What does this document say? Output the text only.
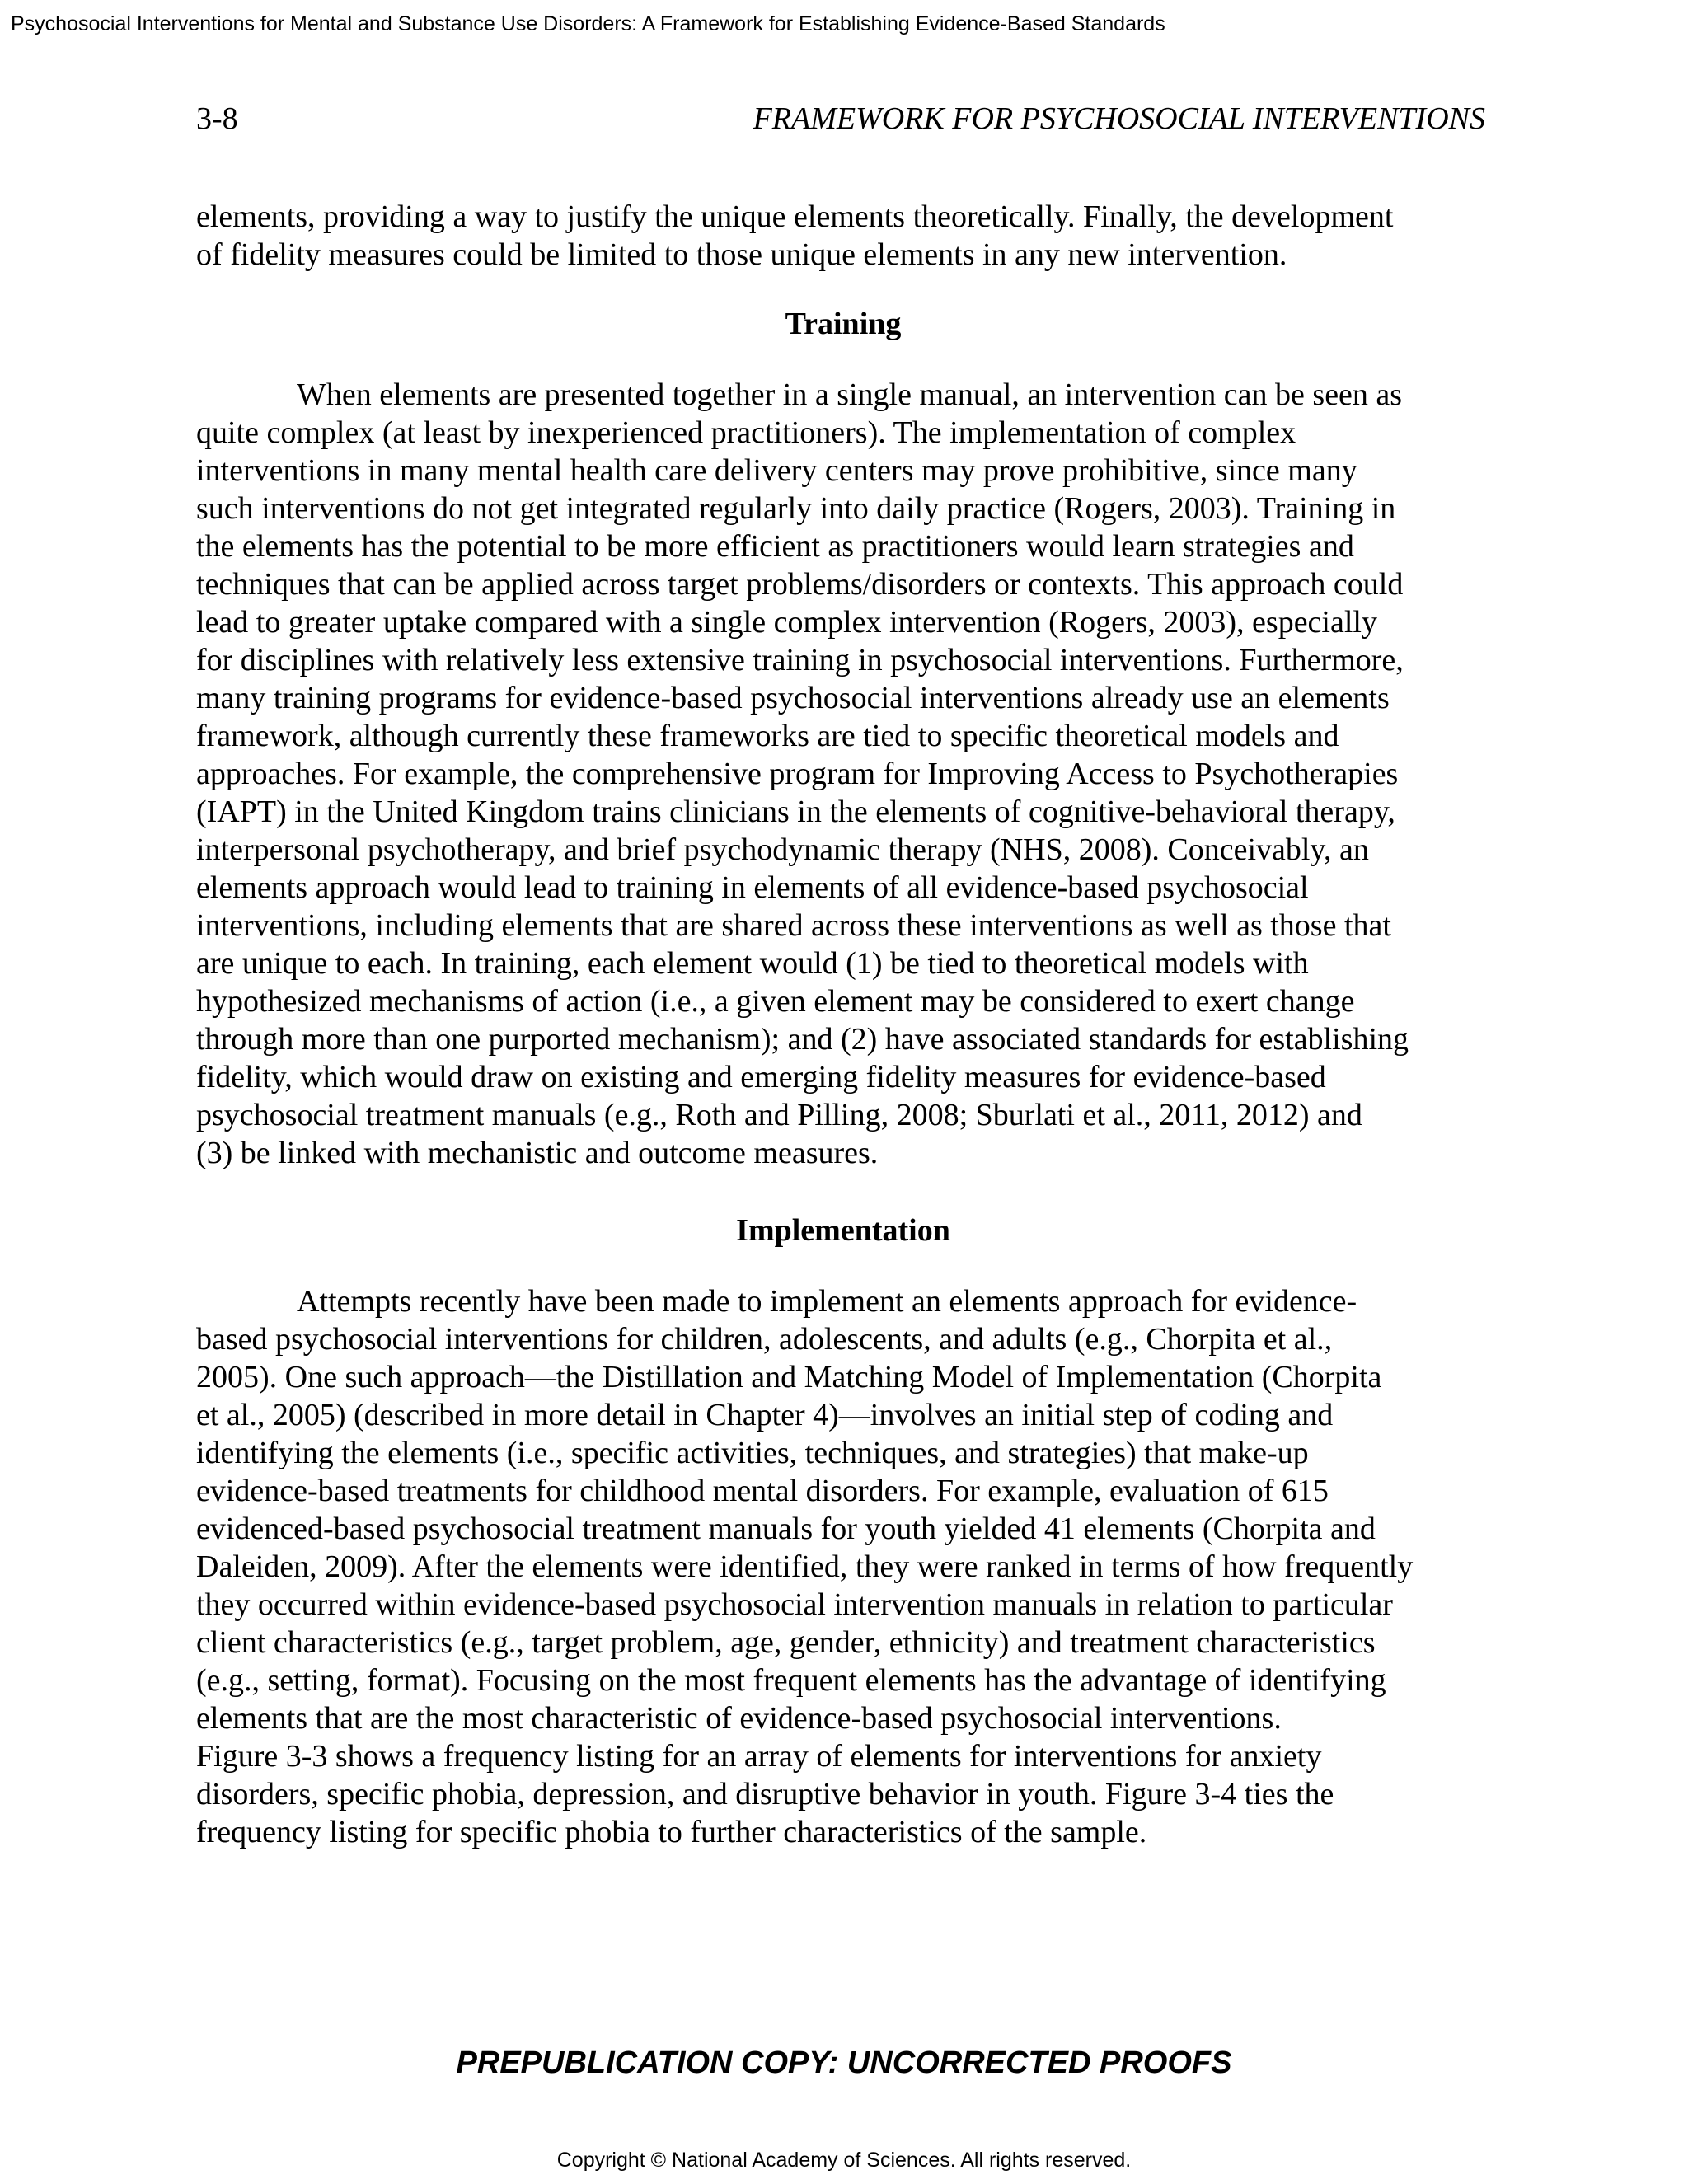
Psychosocial Interventions for Mental and Substance Use Disorders: A Framework for Establishing Evidence-Based Standards
3-8	FRAMEWORK FOR PSYCHOSOCIAL INTERVENTIONS
elements, providing a way to justify the unique elements theoretically. Finally, the development
of fidelity measures could be limited to those unique elements in any new intervention.
Training
When elements are presented together in a single manual, an intervention can be seen as
quite complex (at least by inexperienced practitioners). The implementation of complex
interventions in many mental health care delivery centers may prove prohibitive, since many
such interventions do not get integrated regularly into daily practice (Rogers, 2003). Training in
the elements has the potential to be more efficient as practitioners would learn strategies and
techniques that can be applied across target problems/disorders or contexts. This approach could
lead to greater uptake compared with a single complex intervention (Rogers, 2003), especially
for disciplines with relatively less extensive training in psychosocial interventions. Furthermore,
many training programs for evidence-based psychosocial interventions already use an elements
framework, although currently these frameworks are tied to specific theoretical models and
approaches. For example, the comprehensive program for Improving Access to Psychotherapies
(IAPT) in the United Kingdom trains clinicians in the elements of cognitive-behavioral therapy,
interpersonal psychotherapy, and brief psychodynamic therapy (NHS, 2008). Conceivably, an
elements approach would lead to training in elements of all evidence-based psychosocial
interventions, including elements that are shared across these interventions as well as those that
are unique to each. In training, each element would (1) be tied to theoretical models with
hypothesized mechanisms of action (i.e., a given element may be considered to exert change
through more than one purported mechanism); and (2) have associated standards for establishing
fidelity, which would draw on existing and emerging fidelity measures for evidence-based
psychosocial treatment manuals (e.g., Roth and Pilling, 2008; Sburlati et al., 2011, 2012) and
(3) be linked with mechanistic and outcome measures.
Implementation
Attempts recently have been made to implement an elements approach for evidence-
based psychosocial interventions for children, adolescents, and adults (e.g., Chorpita et al.,
2005). One such approach—the Distillation and Matching Model of Implementation (Chorpita
et al., 2005) (described in more detail in Chapter 4)—involves an initial step of coding and
identifying the elements (i.e., specific activities, techniques, and strategies) that make-up
evidence-based treatments for childhood mental disorders. For example, evaluation of 615
evidenced-based psychosocial treatment manuals for youth yielded 41 elements (Chorpita and
Daleiden, 2009). After the elements were identified, they were ranked in terms of how frequently
they occurred within evidence-based psychosocial intervention manuals in relation to particular
client characteristics (e.g., target problem, age, gender, ethnicity) and treatment characteristics
(e.g., setting, format). Focusing on the most frequent elements has the advantage of identifying
elements that are the most characteristic of evidence-based psychosocial interventions.
Figure 3-3 shows a frequency listing for an array of elements for interventions for anxiety
disorders, specific phobia, depression, and disruptive behavior in youth. Figure 3-4 ties the
frequency listing for specific phobia to further characteristics of the sample.
PREPUBLICATION COPY: UNCORRECTED PROOFS
Copyright © National Academy of Sciences. All rights reserved.
